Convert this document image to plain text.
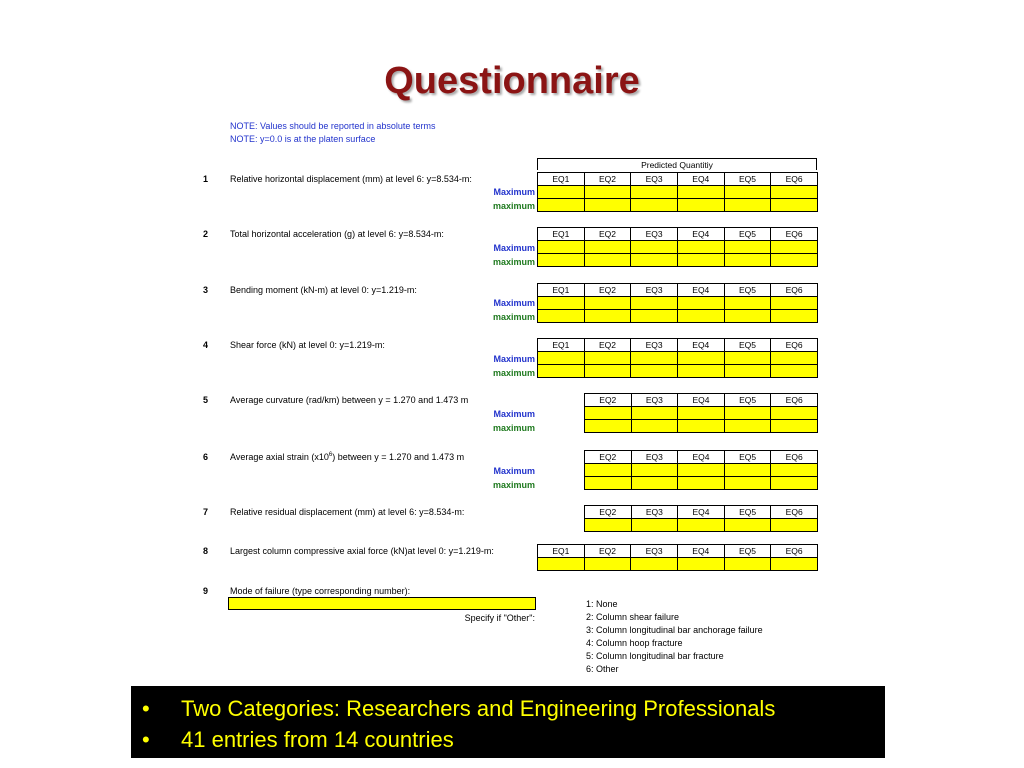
Questionnaire
NOTE: Values should be reported in absolute terms
NOTE: y=0.0 is at the platen surface
Predicted Quantitiy
1 Relative horizontal displacement (mm) at level 6: y=8.534-m:
Maximum
maximum
EQ1	EQ2	EQ3	EQ4	EQ5	EQ6

2 Total horizontal acceleration (g) at level 6: y=8.534-m:
Maximum
maximum
EQ1	EQ2	EQ3	EQ4	EQ5	EQ6

3 Bending moment (kN-m) at level 0: y=1.219-m:
Maximum
maximum
EQ1	EQ2	EQ3	EQ4	EQ5	EQ6

4 Shear force (kN) at level 0: y=1.219-m:
Maximum
maximum
EQ1	EQ2	EQ3	EQ4	EQ5	EQ6

5 Average curvature (rad/km) between y = 1.270 and 1.473 m
Maximum
maximum
EQ2	EQ3	EQ4	EQ5	EQ6

6 Average axial strain $(x10^6)$ between y = 1.270 and 1.473 m
Maximum
maximum
EQ2	EQ3	EQ4	EQ5	EQ6

7 Relative residual displacement (mm) at level 6: y=8.534-m:	EQ2	EQ3	EQ4	EQ5	EQ6

8 Largest column compressive axial force (kN)at level 0: y=1.219-m:	EQ1	EQ2	EQ3	EQ4	EQ5	EQ6

9 Mode of failure (type corresponding number):
Specify if "Other":
1: None
2: Column shear failure
3: Column longitudinal bar anchorage failure
4: Column hoop fracture
5: Column longitudinal bar fracture
6: Other
• Two Categories: Researchers and Engineering Professionals
• 41 entries from 14 countries
